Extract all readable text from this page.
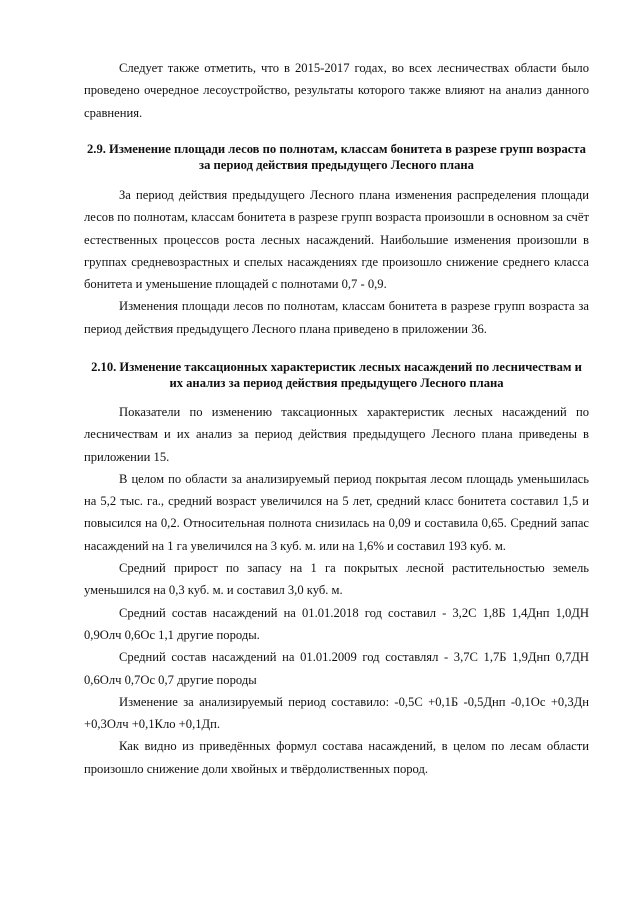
Следует также отметить, что в 2015-2017 годах, во всех лесничествах области было проведено очередное лесоустройство, результаты которого также влияют на анализ данного сравнения.

2.9. Изменение площади лесов по полнотам, классам бонитета в разрезе групп возраста за период действия предыдущего Лесного плана

За период действия предыдущего Лесного плана изменения распределения площади лесов по полнотам, классам бонитета в разрезе групп возраста произошли в основном за счёт естественных процессов роста лесных насаждений. Наибольшие изменения произошли в группах средневозрастных и спелых насаждениях где произошло снижение среднего класса бонитета и уменьшение площадей с полнотами 0,7 - 0,9.

Изменения площади лесов по полнотам, классам бонитета в разрезе групп возраста за период действия предыдущего Лесного плана приведено в приложении 36.

2.10. Изменение таксационных характеристик лесных насаждений по лесничествам и их анализ за период действия предыдущего Лесного плана

Показатели по изменению таксационных характеристик лесных насаждений по лесничествам и их анализ за период действия предыдущего Лесного плана приведены в приложении 15.

В целом по области за анализируемый период покрытая лесом площадь уменьшилась на 5,2 тыс. га., средний возраст увеличился на 5 лет, средний класс бонитета составил 1,5 и повысился на 0,2. Относительная полнота снизилась на 0,09 и составила 0,65. Средний запас насаждений на 1 га увеличился на 3 куб. м. или на 1,6% и составил 193 куб. м.

Средний прирост по запасу на 1 га покрытых лесной растительностью земель уменьшился на 0,3 куб. м. и составил 3,0 куб. м.

Средний состав насаждений на 01.01.2018 год составил - 3,2С 1,8Б 1,4Днп 1,0ДН 0,9Олч 0,6Ос 1,1 другие породы.

Средний состав насаждений на 01.01.2009 год составлял - 3,7С 1,7Б 1,9Днп 0,7ДН 0,6Олч 0,7Ос 0,7 другие породы

Изменение за анализируемый период составило: -0,5С +0,1Б -0,5Днп -0,1Ос +0,3Дн +0,3Олч +0,1Кло +0,1Дп.

Как видно из приведённых формул состава насаждений, в целом по лесам области произошло снижение доли хвойных и твёрдолиственных пород.
